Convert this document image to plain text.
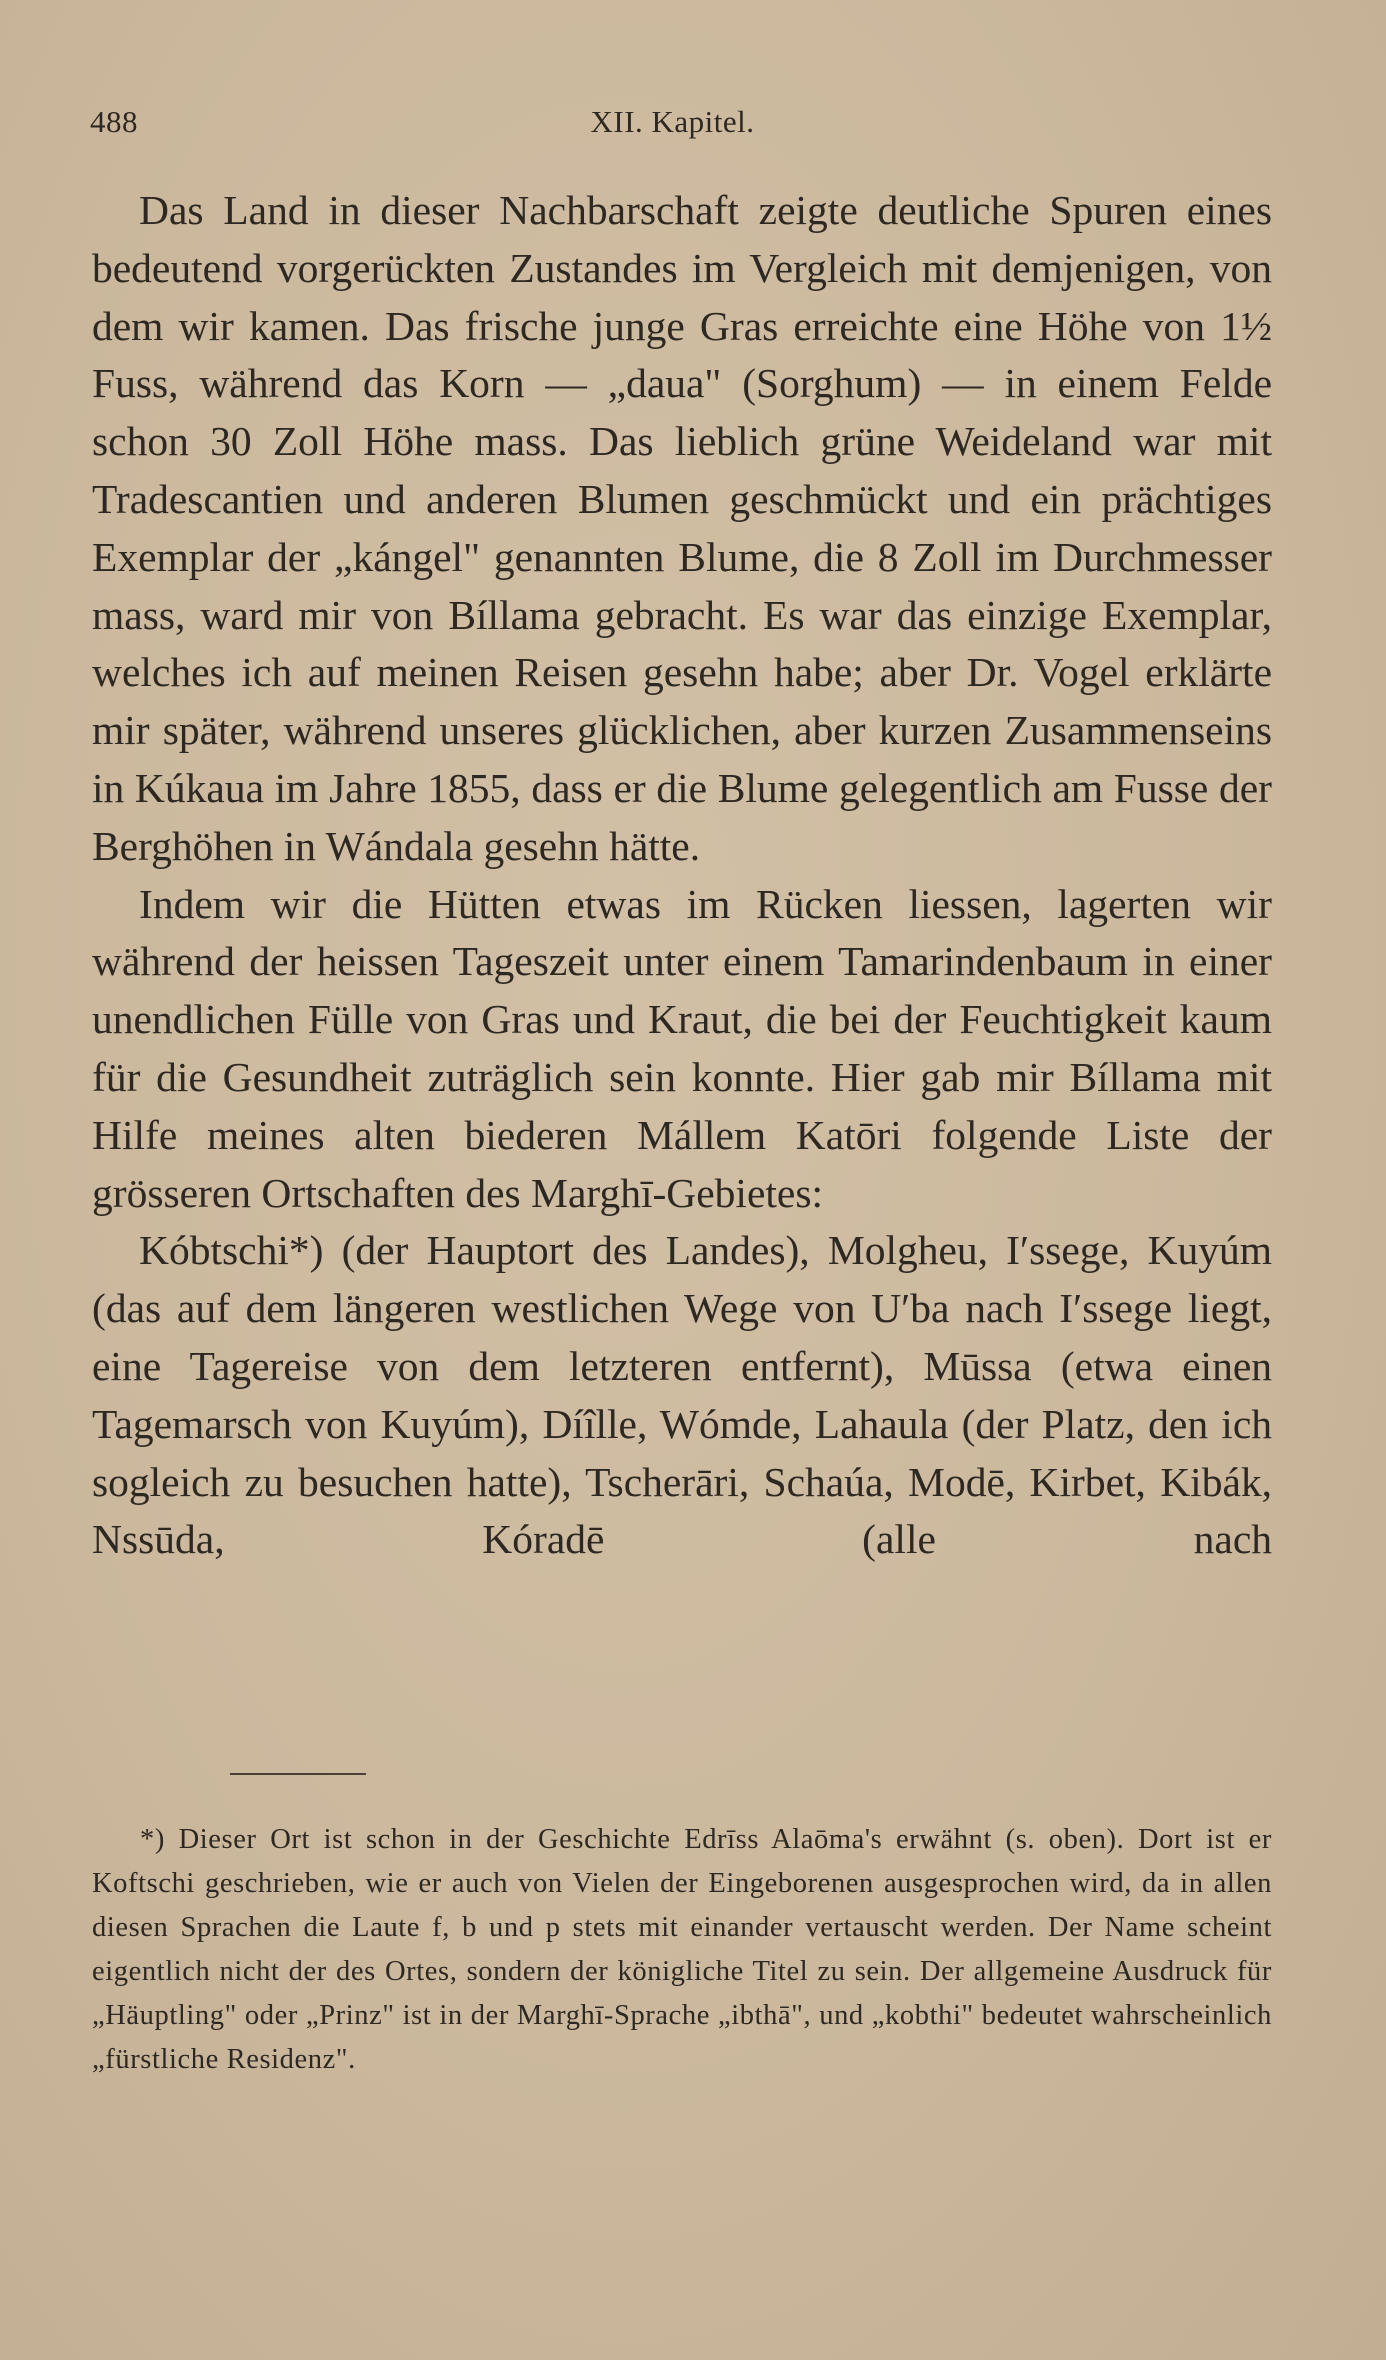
488	XII. Kapitel.

Das Land in dieser Nachbarschaft zeigte deutliche Spuren eines bedeutend vorgerückten Zustandes im Vergleich mit demjenigen, von dem wir kamen. Das frische junge Gras erreichte eine Höhe von 1½ Fuss, während das Korn — „daua" (Sorghum) — in einem Felde schon 30 Zoll Höhe mass. Das lieblich grüne Weideland war mit Tradescantien und anderen Blumen geschmückt und ein prächtiges Exemplar der „kángel" genannten Blume, die 8 Zoll im Durchmesser mass, ward mir von Bíllama gebracht. Es war das einzige Exemplar, welches ich auf meinen Reisen gesehn habe; aber Dr. Vogel erklärte mir später, während unseres glücklichen, aber kurzen Zusammenseins in Kúkaua im Jahre 1855, dass er die Blume gelegentlich am Fusse der Berghöhen in Wándala gesehn hätte.

Indem wir die Hütten etwas im Rücken liessen, lagerten wir während der heissen Tageszeit unter einem Tamarindenbaum in einer unendlichen Fülle von Gras und Kraut, die bei der Feuchtigkeit kaum für die Gesundheit zuträglich sein konnte. Hier gab mir Bíllama mit Hilfe meines alten biederen Mállem Katōri folgende Liste der grösseren Ortschaften des Marghī-Gebietes:

Kóbtschi*) (der Hauptort des Landes), Molgheu, I′ssege, Kuyúm (das auf dem längeren westlichen Wege von U′ba nach I′ssege liegt, eine Tagereise von dem letzteren entfernt), Mūssa (etwa einen Tagemarsch von Kuyúm), Díîlle, Wómde, Lahaula (der Platz, den ich sogleich zu besuchen hatte), Tscherāri, Schaúa, Modē, Kirbet, Kibák, Nssūda, Kóradē (alle nach

*) Dieser Ort ist schon in der Geschichte Edrīss Alaōma's erwähnt (s. oben). Dort ist er Koftschi geschrieben, wie er auch von Vielen der Eingeborenen ausgesprochen wird, da in allen diesen Sprachen die Laute f, b und p stets mit einander vertauscht werden. Der Name scheint eigentlich nicht der des Ortes, sondern der königliche Titel zu sein. Der allgemeine Ausdruck für „Häuptling" oder „Prinz" ist in der Marghī-Sprache „ibthā", und „kobthi" bedeutet wahrscheinlich „fürstliche Residenz".
